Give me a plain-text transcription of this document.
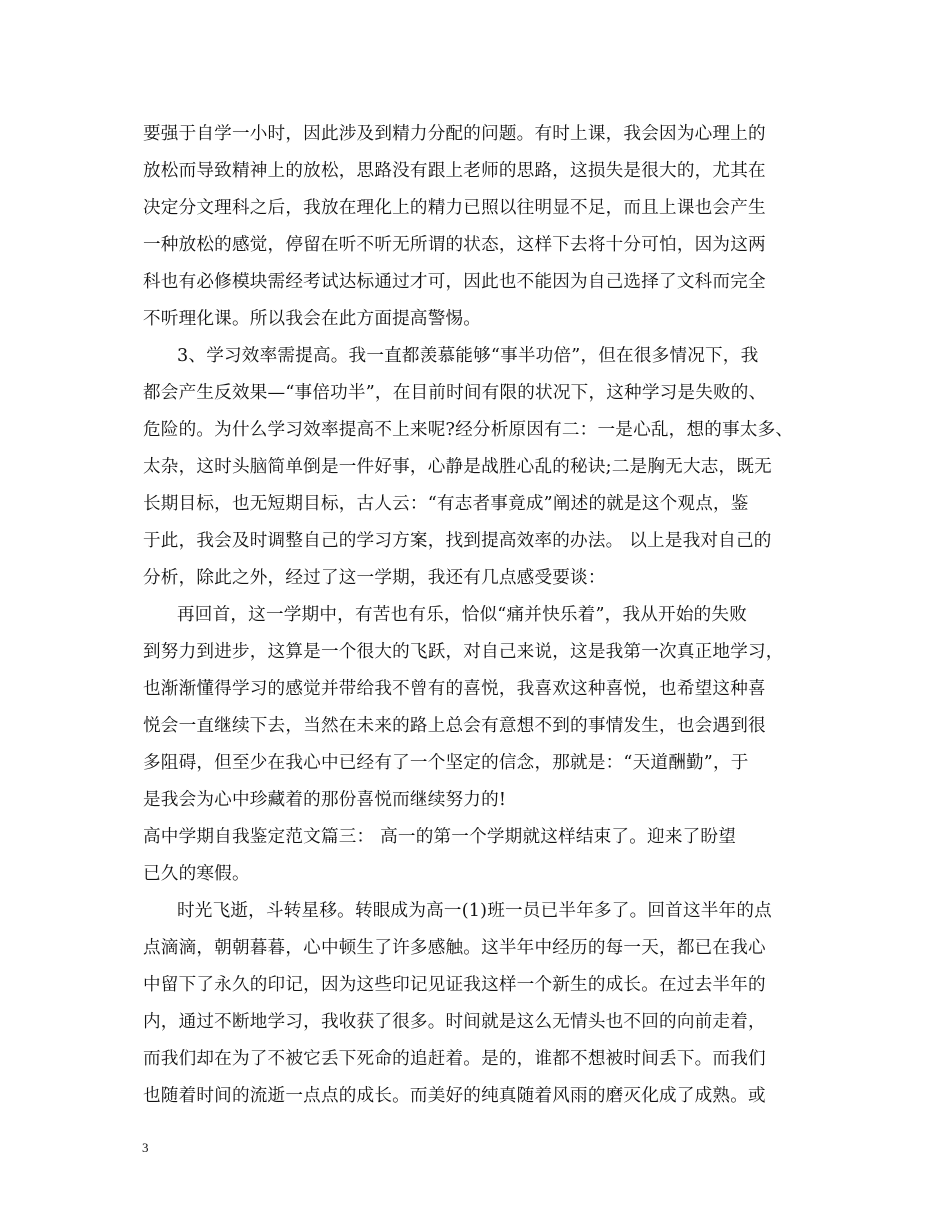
要强于自学一小时，因此涉及到精力分配的问题。有时上课，我会因为心理上的
放松而导致精神上的放松，思路没有跟上老师的思路，这损失是很大的，尤其在
决定分文理科之后，我放在理化上的精力已照以往明显不足，而且上课也会产生
一种放松的感觉，停留在听不听无所谓的状态，这样下去将十分可怕，因为这两
科也有必修模块需经考试达标通过才可，因此也不能因为自己选择了文科而完全
不听理化课。所以我会在此方面提高警惕。
3、学习效率需提高。我一直都羡慕能够“事半功倍”，但在很多情况下，我
都会产生反效果—“事倍功半”，在目前时间有限的状况下，这种学习是失败的、
危险的。为什么学习效率提高不上来呢?经分析原因有二：一是心乱，想的事太多、
太杂，这时头脑简单倒是一件好事，心静是战胜心乱的秘诀;二是胸无大志，既无
长期目标，也无短期目标，古人云：“有志者事竟成”阐述的就是这个观点，鉴
于此，我会及时调整自己的学习方案，找到提高效率的办法。 以上是我对自己的
分析，除此之外，经过了这一学期，我还有几点感受要谈：
再回首，这一学期中，有苦也有乐，恰似“痛并快乐着”，我从开始的失败
到努力到进步，这算是一个很大的飞跃，对自己来说，这是我第一次真正地学习，
也渐渐懂得学习的感觉并带给我不曾有的喜悦，我喜欢这种喜悦，也希望这种喜
悦会一直继续下去，当然在未来的路上总会有意想不到的事情发生，也会遇到很
多阻碍，但至少在我心中已经有了一个坚定的信念，那就是：“天道酬勤”，于
是我会为心中珍藏着的那份喜悦而继续努力的!
高中学期自我鉴定范文篇三： 高一的第一个学期就这样结束了。迎来了盼望
已久的寒假。
时光飞逝，斗转星移。转眼成为高一(1)班一员已半年多了。回首这半年的点
点滴滴，朝朝暮暮，心中顿生了许多感触。这半年中经历的每一天，都已在我心
中留下了永久的印记，因为这些印记见证我这样一个新生的成长。在过去半年的
内，通过不断地学习，我收获了很多。时间就是这么无情头也不回的向前走着，
而我们却在为了不被它丢下死命的追赶着。是的，谁都不想被时间丢下。而我们
也随着时间的流逝一点点的成长。而美好的纯真随着风雨的磨灭化成了成熟。或
3
